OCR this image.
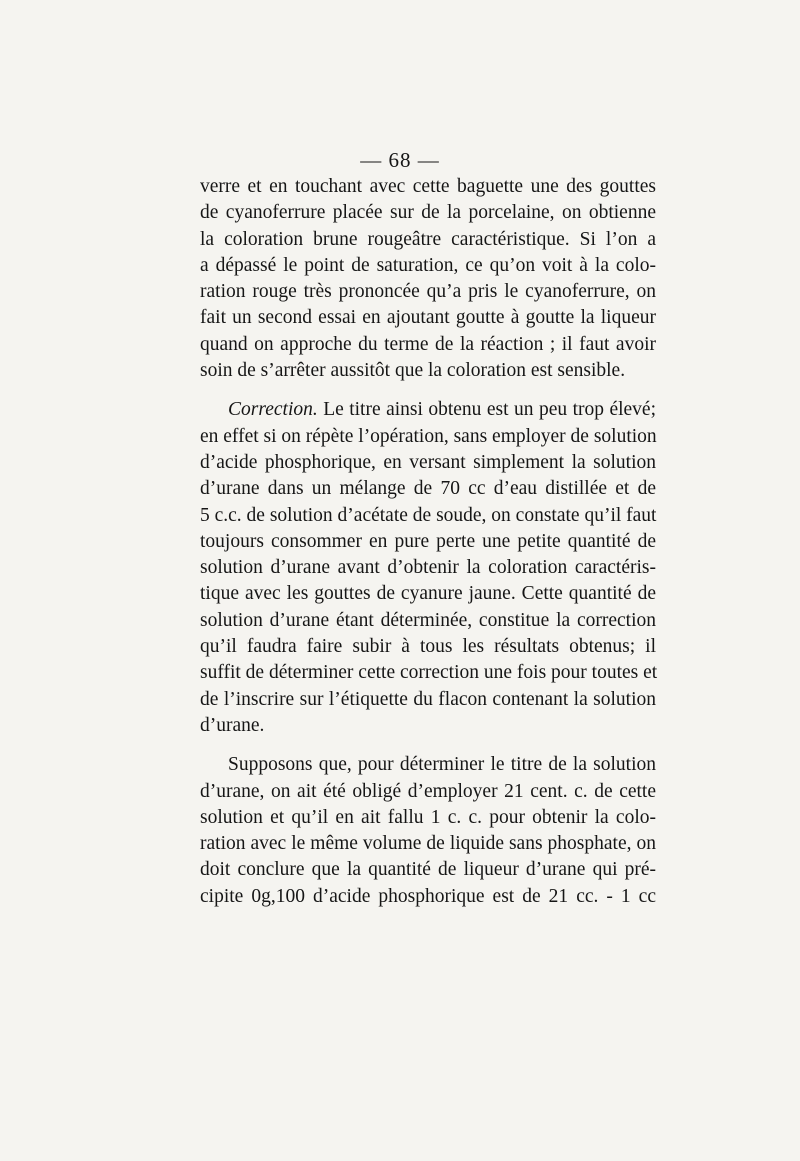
— 68 —
verre et en touchant avec cette baguette une des gouttes
de cyanoferrure placée sur de la porcelaine, on obtienne
la coloration brune rougeâtre caractéristique. Si l’on a
a dépassé le point de saturation, ce qu’on voit à la colo-
ration rouge très prononcée qu’a pris le cyanoferrure, on
fait un second essai en ajoutant goutte à goutte la liqueur
quand on approche du terme de la réaction ; il faut avoir
soin de s’arrêter aussitôt que la coloration est sensible.
Correction. Le titre ainsi obtenu est un peu trop élevé;
en effet si on répète l’opération, sans employer de solution
d’acide phosphorique, en versant simplement la solution
d’urane dans un mélange de 70 cc d’eau distillée et de
5 c.c. de solution d’acétate de soude, on constate qu’il faut
toujours consommer en pure perte une petite quantité de
solution d’urane avant d’obtenir la coloration caractéris-
tique avec les gouttes de cyanure jaune. Cette quantité de
solution d’urane étant déterminée, constitue la correction
qu’il faudra faire subir à tous les résultats obtenus; il
suffit de déterminer cette correction une fois pour toutes et
de l’inscrire sur l’étiquette du flacon contenant la solution
d’urane.
Supposons que, pour déterminer le titre de la solution
d’urane, on ait été obligé d’employer 21 cent. c. de cette
solution et qu’il en ait fallu 1 c. c. pour obtenir la colo-
ration avec le même volume de liquide sans phosphate, on
doit conclure que la quantité de liqueur d’urane qui pré-
cipite 0g,100 d’acide phosphorique est de 21 cc. - 1 cc
